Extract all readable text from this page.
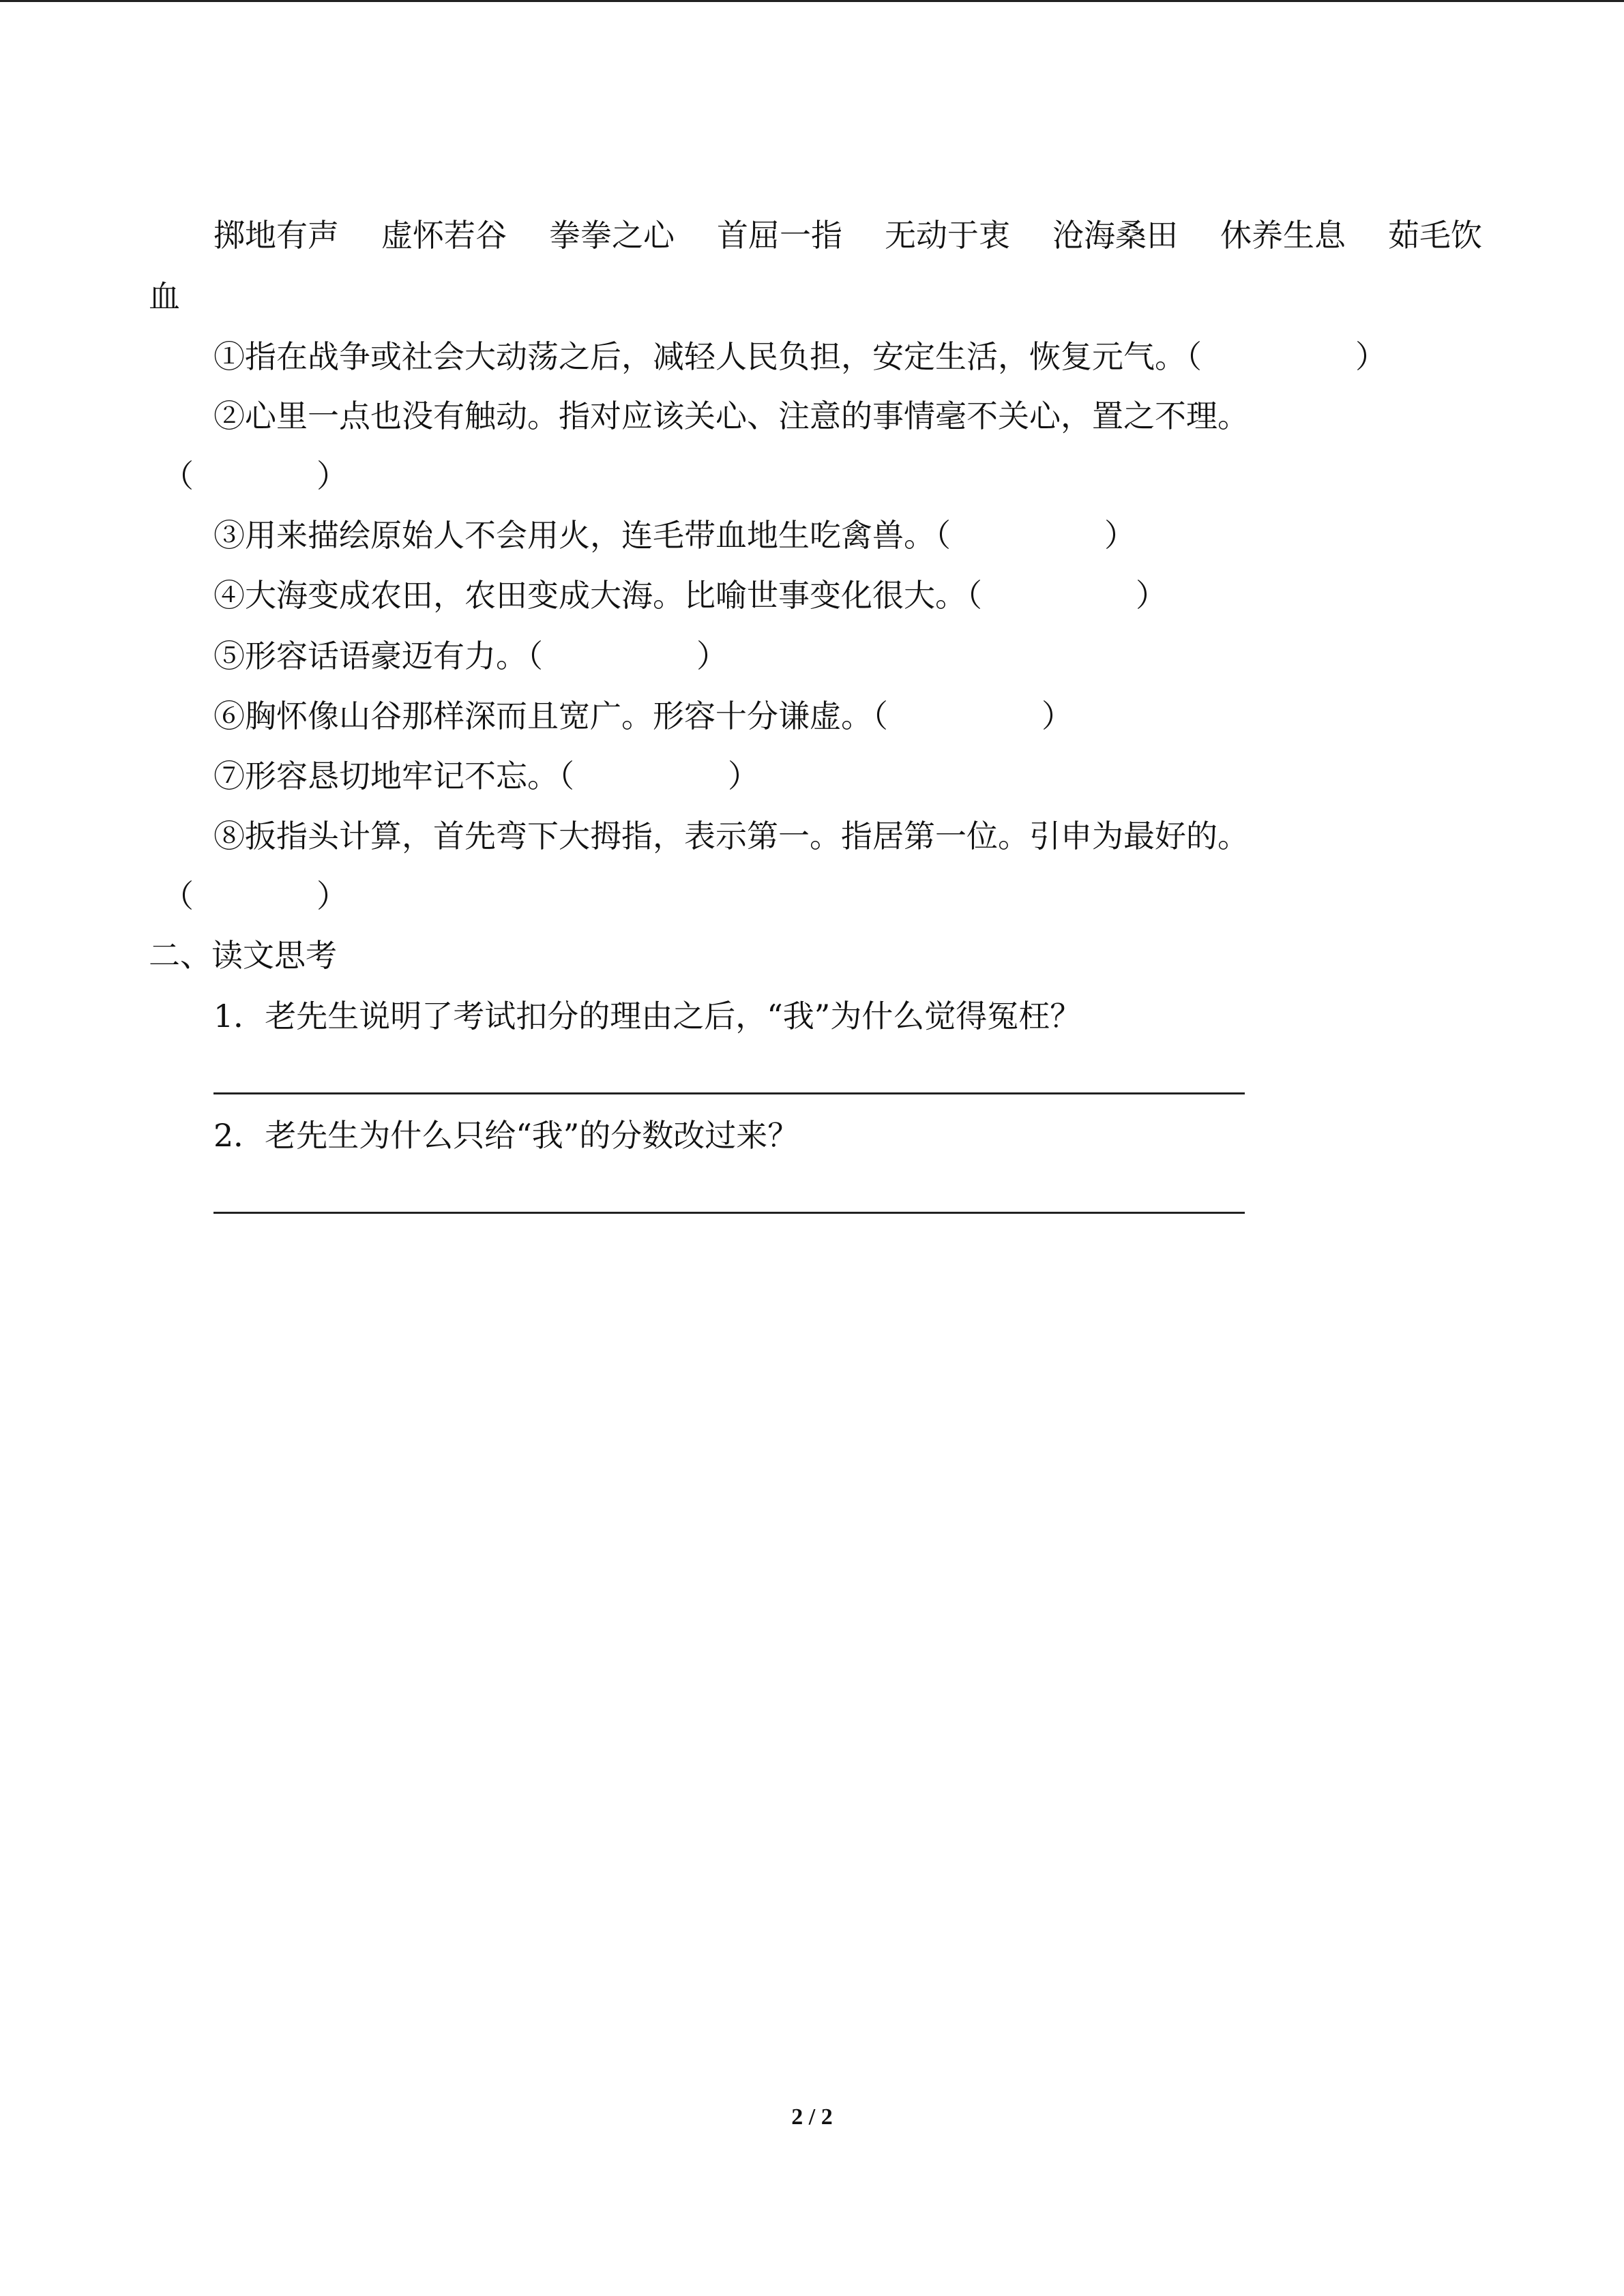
掷地有声 虚怀若谷 拳拳之心 首屈一指 无动于衷 沧海桑田 休养生息 茹毛饮
血
①指在战争或社会大动荡之后，减轻人民负担，安定生活，恢复元气。（	）
②心里一点也没有触动。指对应该关心、注意的事情毫不关心，置之不理。
（	）
③用来描绘原始人不会用火，连毛带血地生吃禽兽。（	）
④大海变成农田，农田变成大海。比喻世事变化很大。（	）
⑤形容话语豪迈有力。（	）
⑥胸怀像山谷那样深而且宽广。形容十分谦虚。（	）
⑦形容恳切地牢记不忘。（	）
⑧扳指头计算，首先弯下大拇指，表示第一。指居第一位。引申为最好的。
（	）
二、读文思考
1．老先生说明了考试扣分的理由之后，“我”为什么觉得冤枉？
2．老先生为什么只给“我”的分数改过来？
2 / 2
